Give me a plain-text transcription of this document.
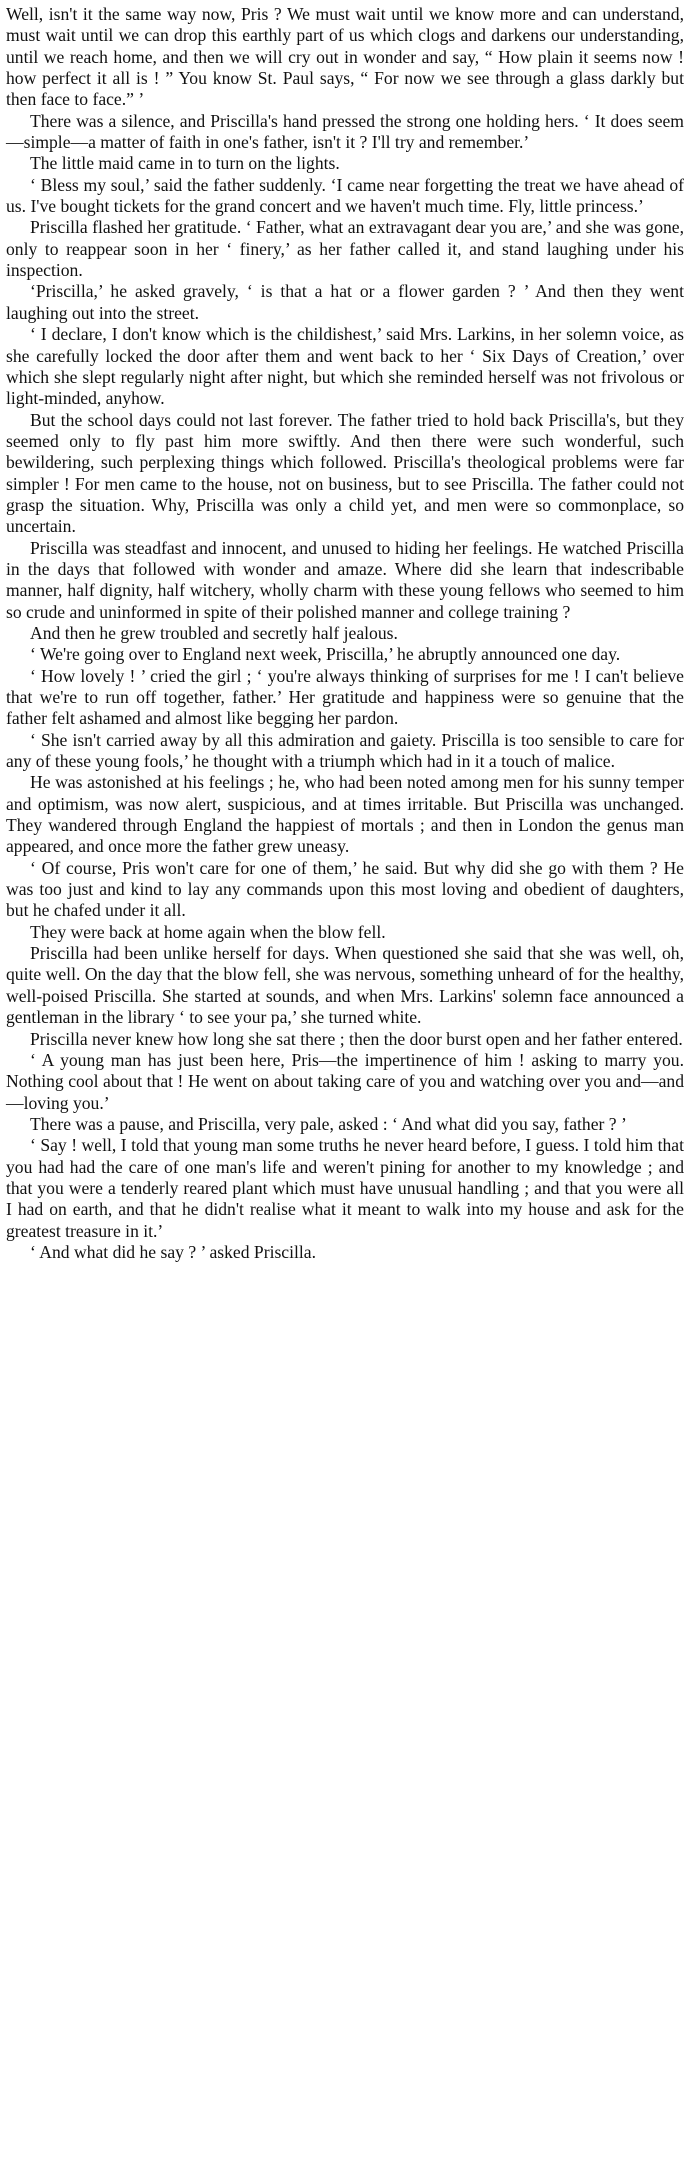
Well, isn't it the same way now, Pris ? We must wait until we know more and can understand, must wait until we can drop this earthly part of us which clogs and darkens our understanding, until we reach home, and then we will cry out in wonder and say, “ How plain it seems now ! how perfect it all is ! ” You know St. Paul says, “ For now we see through a glass darkly but then face to face.” ’

There was a silence, and Priscilla's hand pressed the strong one holding hers. ‘ It does seem—simple—a matter of faith in one's father, isn't it ? I'll try and remember.’

The little maid came in to turn on the lights.

‘ Bless my soul,’ said the father suddenly. ‘I came near forgetting the treat we have ahead of us. I've bought tickets for the grand concert and we haven't much time. Fly, little princess.’

Priscilla flashed her gratitude. ‘ Father, what an extravagant dear you are,’ and she was gone, only to reappear soon in her ‘ finery,’ as her father called it, and stand laughing under his inspection.

‘Priscilla,’ he asked gravely, ‘ is that a hat or a flower garden ? ’ And then they went laughing out into the street.

‘ I declare, I don't know which is the childishest,’ said Mrs. Larkins, in her solemn voice, as she carefully locked the door after them and went back to her ‘ Six Days of Creation,’ over which she slept regularly night after night, but which she reminded herself was not frivolous or light-minded, anyhow.

But the school days could not last forever. The father tried to hold back Priscilla's, but they seemed only to fly past him more swiftly. And then there were such wonderful, such bewildering, such perplexing things which followed. Priscilla's theological problems were far simpler ! For men came to the house, not on business, but to see Priscilla. The father could not grasp the situation. Why, Priscilla was only a child yet, and men were so commonplace, so uncertain.

Priscilla was steadfast and innocent, and unused to hiding her feelings. He watched Priscilla in the days that followed with wonder and amaze. Where did she learn that indescribable manner, half dignity, half witchery, wholly charm with these young fellows who seemed to him so crude and uninformed in spite of their polished manner and college training ?

And then he grew troubled and secretly half jealous.

‘ We're going over to England next week, Priscilla,’ he abruptly announced one day.

‘ How lovely ! ’ cried the girl ; ‘ you're always thinking of surprises for me ! I can't believe that we're to run off together, father.’ Her gratitude and happiness were so genuine that the father felt ashamed and almost like begging her pardon.

‘ She isn't carried away by all this admiration and gaiety. Priscilla is too sensible to care for any of these young fools,’ he thought with a triumph which had in it a touch of malice.

He was astonished at his feelings ; he, who had been noted among men for his sunny temper and optimism, was now alert, suspicious, and at times irritable. But Priscilla was unchanged. They wandered through England the happiest of mortals ; and then in London the genus man appeared, and once more the father grew uneasy.

‘ Of course, Pris won't care for one of them,’ he said. But why did she go with them ? He was too just and kind to lay any commands upon this most loving and obedient of daughters, but he chafed under it all.

They were back at home again when the blow fell.

Priscilla had been unlike herself for days. When questioned she said that she was well, oh, quite well. On the day that the blow fell, she was nervous, something unheard of for the healthy, well-poised Priscilla. She started at sounds, and when Mrs. Larkins' solemn face announced a gentleman in the library ‘ to see your pa,’ she turned white.

Priscilla never knew how long she sat there ; then the door burst open and her father entered.

‘ A young man has just been here, Pris—the impertinence of him ! asking to marry you. Nothing cool about that ! He went on about taking care of you and watching over you and—and—loving you.’

There was a pause, and Priscilla, very pale, asked : ‘ And what did you say, father ? ’

‘ Say ! well, I told that young man some truths he never heard before, I guess. I told him that you had had the care of one man's life and weren't pining for another to my knowledge ; and that you were a tenderly reared plant which must have unusual handling ; and that you were all I had on earth, and that he didn't realise what it meant to walk into my house and ask for the greatest treasure in it.’

‘ And what did he say ? ’ asked Priscilla.
